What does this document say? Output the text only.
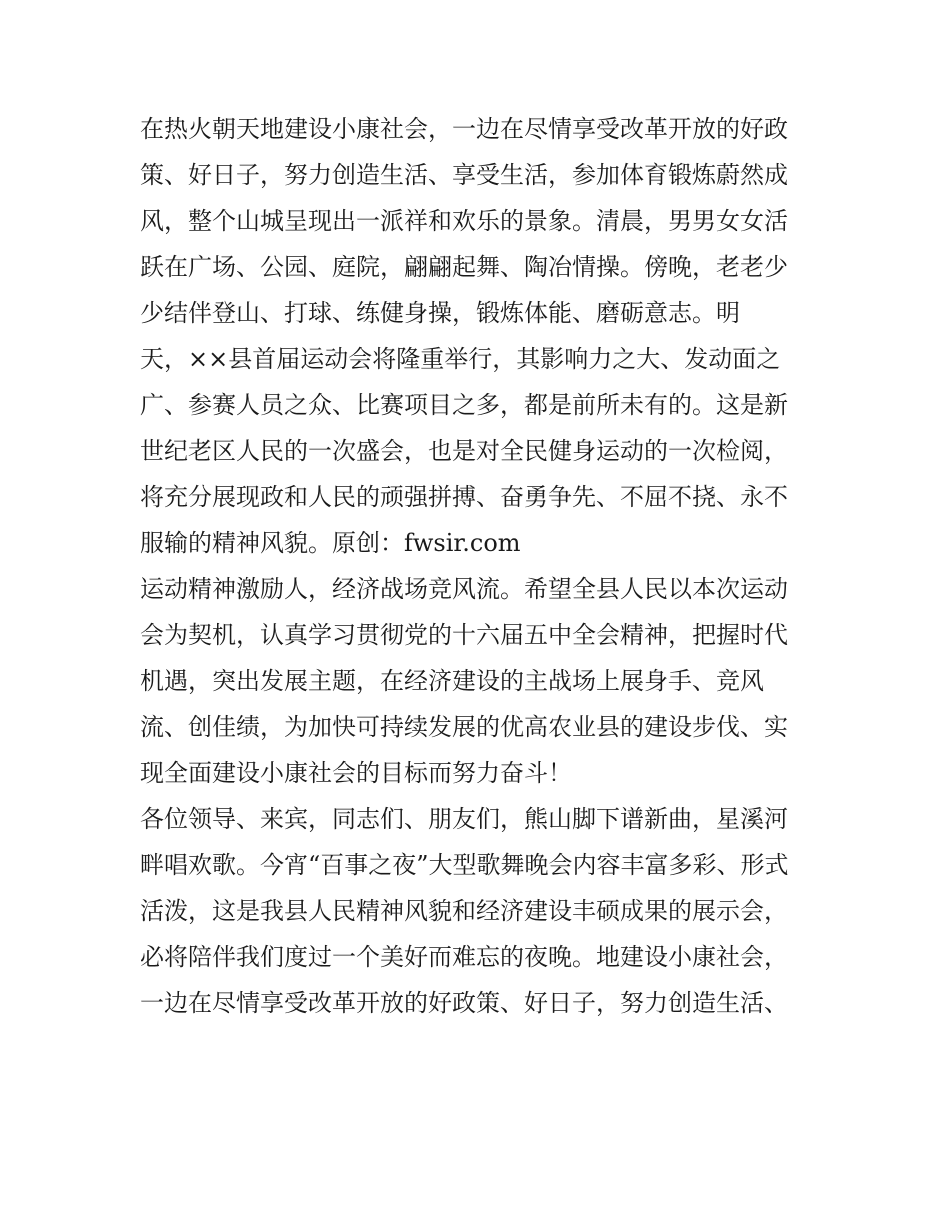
在热火朝天地建设小康社会，一边在尽情享受改革开放的好政
策、好日子，努力创造生活、享受生活，参加体育锻炼蔚然成
风，整个山城呈现出一派祥和欢乐的景象。清晨，男男女女活
跃在广场、公园、庭院，翩翩起舞、陶冶情操。傍晚，老老少
少结伴登山、打球、练健身操，锻炼体能、磨砺意志。明
天，××县首届运动会将隆重举行，其影响力之大、发动面之
广、参赛人员之众、比赛项目之多，都是前所未有的。这是新
世纪老区人民的一次盛会，也是对全民健身运动的一次检阅，
将充分展现政和人民的顽强拼搏、奋勇争先、不屈不挠、永不
服输的精神风貌。原创：fwsir.com
运动精神激励人，经济战场竞风流。希望全县人民以本次运动
会为契机，认真学习贯彻党的十六届五中全会精神，把握时代
机遇，突出发展主题，在经济建设的主战场上展身手、竞风
流、创佳绩，为加快可持续发展的优高农业县的建设步伐、实
现全面建设小康社会的目标而努力奋斗！
各位领导、来宾，同志们、朋友们，熊山脚下谱新曲，星溪河
畔唱欢歌。今宵“百事之夜”大型歌舞晚会内容丰富多彩、形式
活泼，这是我县人民精神风貌和经济建设丰硕成果的展示会，
必将陪伴我们度过一个美好而难忘的夜晚。地建设小康社会，
一边在尽情享受改革开放的好政策、好日子，努力创造生活、
